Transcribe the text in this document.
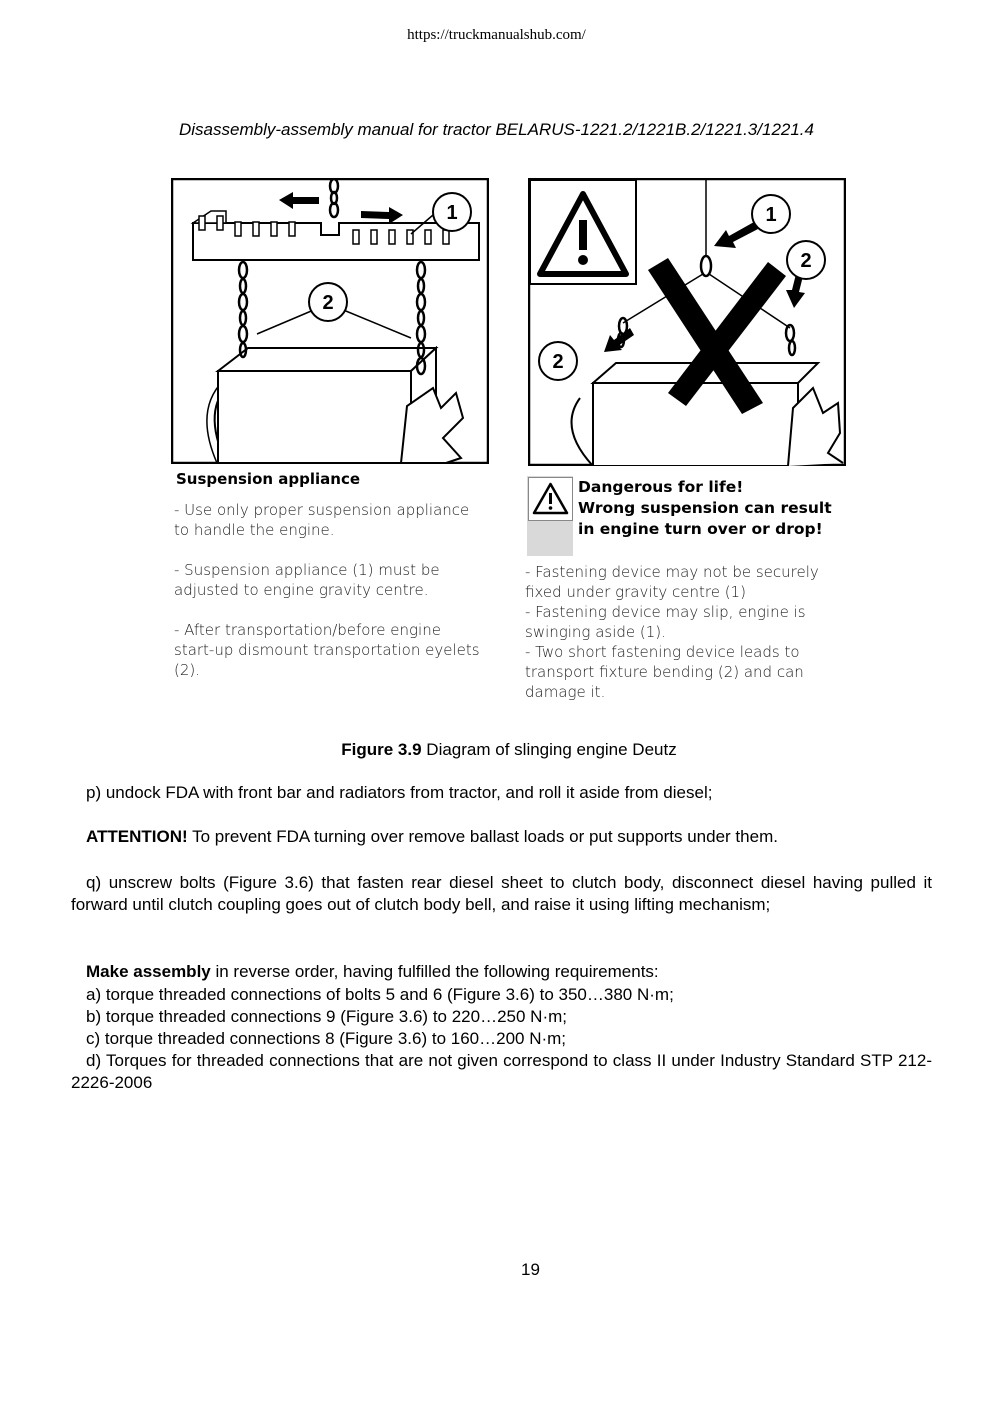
https://truckmanualshub.com/
Disassembly-assembly manual for tractor BELARUS-1221.2/1221B.2/1221.3/1221.4
1
2
Suspension appliance
- Use only proper suspension appliance
to handle the engine.
- Suspension appliance (1) must be
adjusted to engine gravity centre.
- After transportation/before engine
start-up dismount transportation eyelets
(2).
1
2
2
Dangerous for life!
Wrong suspension can result
in engine turn over or drop!
- Fastening device may not be securely
fixed under gravity centre (1)
- Fastening device may slip, engine is
swinging aside (1).
- Two short fastening device leads to
transport fixture bending (2) and can
damage it.
Figure 3.9 Diagram of slinging engine Deutz
p) undock FDA with front bar and radiators from tractor, and roll it aside from diesel;
ATTENTION! To prevent FDA turning over remove ballast loads or put supports under them.
q) unscrew bolts (Figure 3.6) that fasten rear diesel sheet to clutch body, disconnect diesel having pulled it forward until clutch coupling goes out of clutch body bell, and raise it using lifting mechanism;
Make assembly in reverse order, having fulfilled the following requirements:
a) torque threaded connections of bolts 5 and 6 (Figure 3.6) to 350…380 N·m;
b) torque threaded connections 9 (Figure 3.6) to 220…250 N·m;
c) torque threaded connections 8 (Figure 3.6) to 160…200 N·m;
d) Torques for threaded connections that are not given correspond to class II under Industry Standard STP 212-2226-2006
19
